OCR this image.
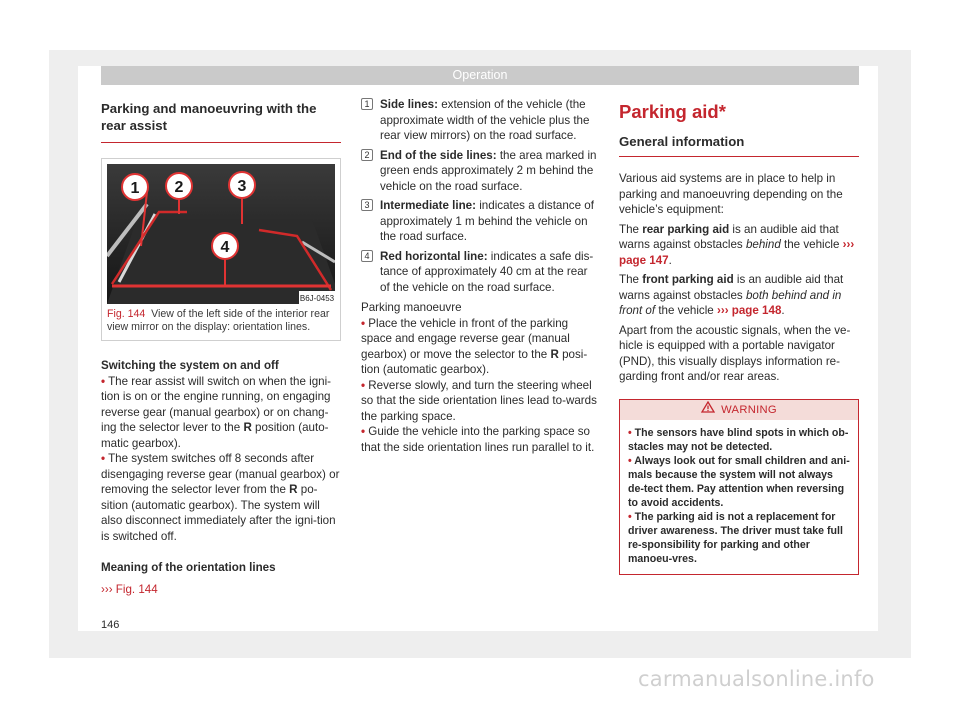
Operation
Parking and manoeuvring with the rear assist
1 2	3
4
B6J-0453
Fig. 144 View of the left side of the interior rear view mirror on the display: orientation lines.
Switching the system on and off
• The rear assist will switch on when the igni-tion is on or the engine running, on engaging reverse gear (manual gearbox) or on chang-ing the selector lever to the R position (auto-matic gearbox).
• The system switches off 8 seconds after disengaging reverse gear (manual gearbox) or removing the selector lever from the R po-sition (automatic gearbox). The system will also disconnect immediately after the igni-tion is switched off.
Meaning of the orientation lines
››› Fig. 144
1 Side lines: extension of the vehicle (the approximate width of the vehicle plus the rear view mirrors) on the road surface.
2 End of the side lines: the area marked in green ends approximately 2 m behind the vehicle on the road surface.
3 Intermediate line: indicates a distance of approximately 1 m behind the vehicle on the road surface.
4 Red horizontal line: indicates a safe dis-tance of approximately 40 cm at the rear of the vehicle on the road surface.
Parking manoeuvre
• Place the vehicle in front of the parking space and engage reverse gear (manual gearbox) or move the selector to the R posi-tion (automatic gearbox).
• Reverse slowly, and turn the steering wheel so that the side orientation lines lead to-wards the parking space.
• Guide the vehicle into the parking space so that the side orientation lines run parallel to it.
Parking aid*
General information
Various aid systems are in place to help in parking and manoeuvring depending on the vehicle’s equipment:
The rear parking aid is an audible aid that warns against obstacles behind the vehicle ››› page 147.
The front parking aid is an audible aid that warns against obstacles both behind and in front of the vehicle ››› page 148.
Apart from the acoustic signals, when the ve-hicle is equipped with a portable navigator (PND), this visually displays information re-garding front and/or rear areas.
WARNING
• The sensors have blind spots in which ob-stacles may not be detected.
• Always look out for small children and ani-mals because the system will not always de-tect them. Pay attention when reversing to avoid accidents.
• The parking aid is not a replacement for driver awareness. The driver must take full re-sponsibility for parking and other manoeu-vres.
146
carmanualsonline.info
